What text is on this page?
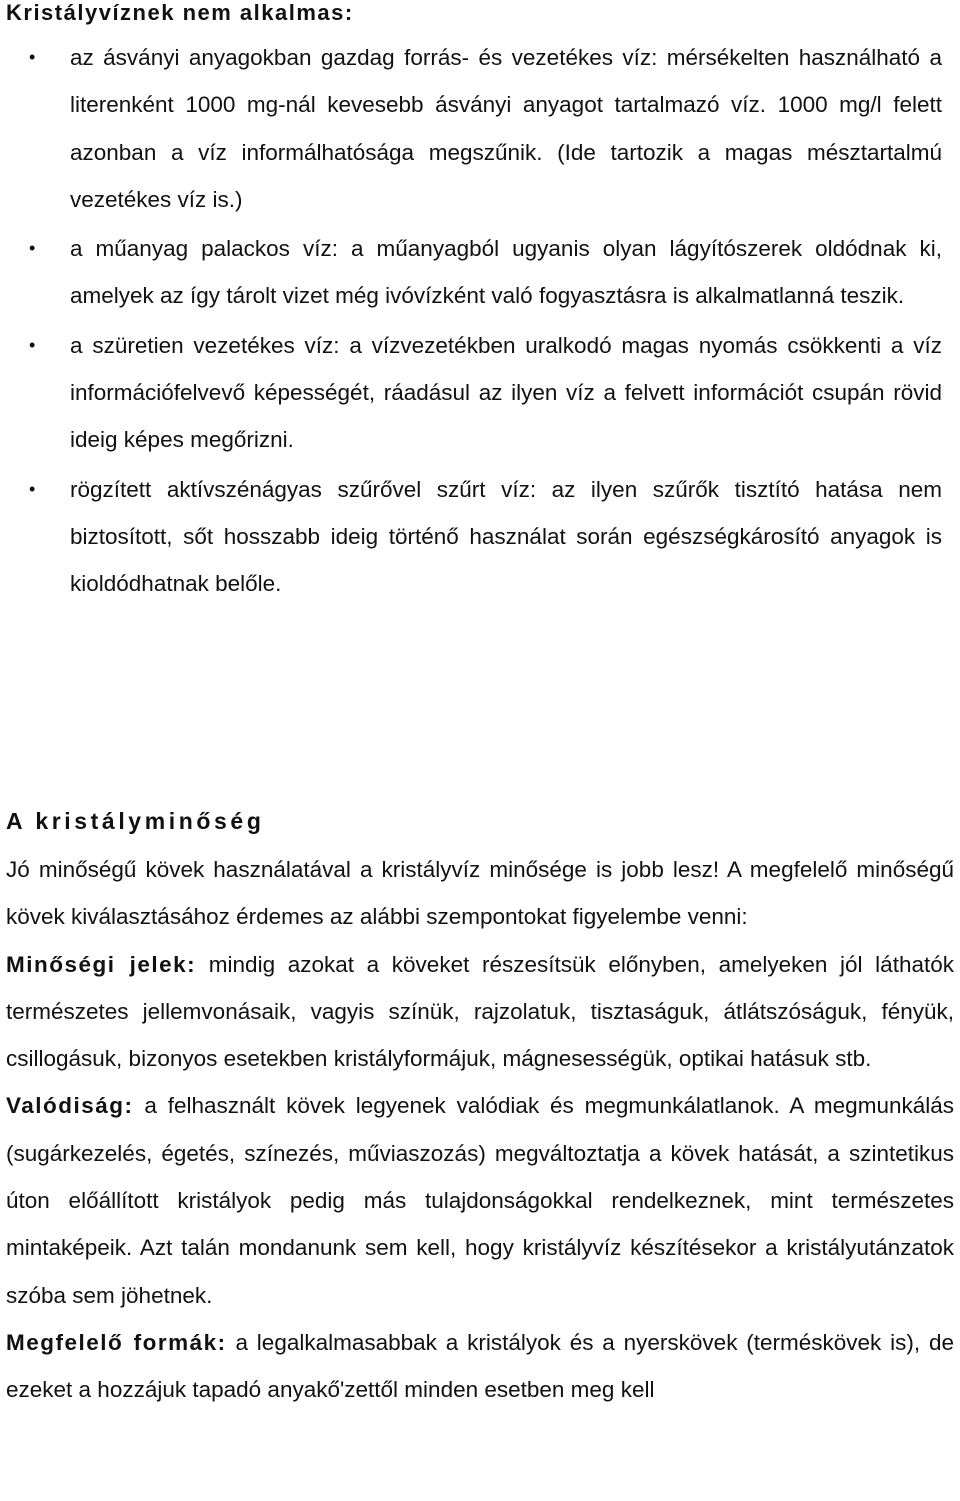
Kristályvíznek nem alkalmas:
• az ásványi anyagokban gazdag forrás- és vezetékes víz: mérsékelten használható a literenként 1000 mg-nál kevesebb ásványi anyagot tartalmazó víz. 1000 mg/l felett azonban a víz informálhatósága megszűnik. (Ide tartozik a magas mésztartalmú vezetékes víz is.)
• a műanyag palackos víz: a műanyagból ugyanis olyan lágyítószerek oldódnak ki, amelyek az így tárolt vizet még ivóvízként való fogyasztásra is alkalmatlanná teszik.
• a szüretien vezetékes víz: a vízvezetékben uralkodó magas nyomás csökkenti a víz információfelvevő képességét, ráadásul az ilyen víz a felvett információt csupán rövid ideig képes megőrizni.
• rögzített aktívszénágyas szűrővel szűrt víz: az ilyen szűrők tisztító hatása nem biztosított, sőt hosszabb ideig történő használat során egészségkárosító anyagok is kioldódhatnak belőle.
A kristályminőség

Jó minőségű kövek használatával a kristályvíz minősége is jobb lesz! A megfelelő minőségű kövek kiválasztásához érdemes az alábbi szempontokat figyelembe venni:

Minőségi jelek: mindig azokat a köveket részesítsük előnyben, amelyeken jól láthatók természetes jellemvonásaik, vagyis színük, rajzolatuk, tisztaságuk, átlátszóságuk, fényük, csillogásuk, bizonyos esetekben kristályformájuk, mágnesességük, optikai hatásuk stb.

Valódiság: a felhasznált kövek legyenek valódiak és megmunkálatlanok. A megmunkálás (sugárkezelés, égetés, színezés, műviaszozás) megváltoztatja a kövek hatását, a szintetikus úton előállított kristályok pedig más tulajdonságokkal rendelkeznek, mint természetes mintaképeik. Azt talán mondanunk sem kell, hogy kristályvíz készítésekor a kristályutánzatok szóba sem jöhetnek.

Megfelelő formák: a legalkalmasabbak a kristályok és a nyerskövek (terméskövek is), de ezeket a hozzájuk tapadó anyakő'zettől minden esetben meg kell
